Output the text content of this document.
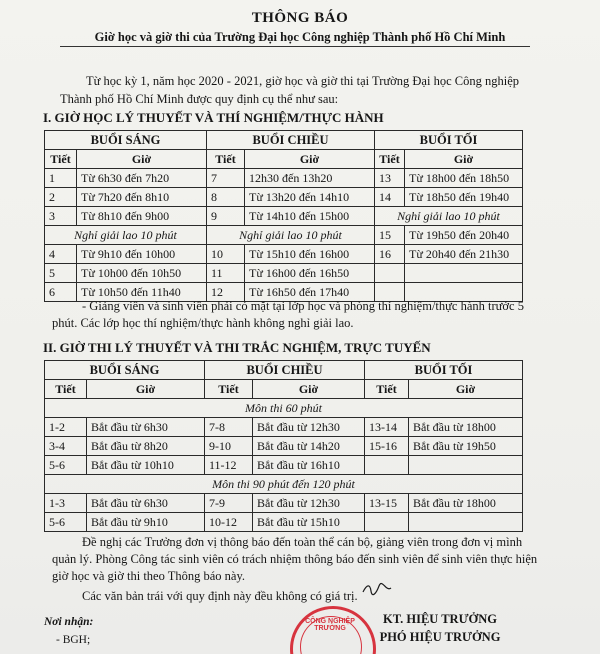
THÔNG BÁO
Giờ học và giờ thi của Trường Đại học Công nghiệp Thành phố Hồ Chí Minh
Từ học kỳ 1, năm học 2020 - 2021, giờ học và giờ thi tại Trường Đại học Công nghiệp Thành phố Hồ Chí Minh được quy định cụ thể như sau:
I. GIỜ HỌC LÝ THUYẾT VÀ THÍ NGHIỆM/THỰC HÀNH
BUỔI SÁNG		BUỔI CHIỀU		BUỔI TỐI	
Tiết	Giờ	Tiết	Giờ	Tiết	Giờ
1	Từ 6h30 đến 7h20	7	12h30 đến 13h20	13	Từ 18h00 đến 18h50
2	Từ 7h20 đến 8h10	8	Từ 13h20 đến 14h10	14	Từ 18h50 đến 19h40
3	Từ 8h10 đến 9h00	9	Từ 14h10 đến 15h00	Nghỉ giải lao 10 phút	
Nghỉ giải lao 10 phút		Nghỉ giải lao 10 phút		15	Từ 19h50 đến 20h40
4	Từ 9h10 đến 10h00	10	Từ 15h10 đến 16h00	16	Từ 20h40 đến 21h30
5	Từ 10h00 đến 10h50	11	Từ 16h00 đến 16h50		
6	Từ 10h50 đến 11h40	12	Từ 16h50 đến 17h40		
- Giảng viên và sinh viên phải có mặt tại lớp học và phòng thí nghiệm/thực hành trước 5 phút. Các lớp học thí nghiệm/thực hành không nghỉ giải lao.
II. GIỜ THI LÝ THUYẾT VÀ THI TRẮC NGHIỆM, TRỰC TUYẾN
BUỔI SÁNG		BUỔI CHIỀU		BUỔI TỐI	
Tiết	Giờ	Tiết	Giờ	Tiết	Giờ
Môn thi 60 phút					
1-2	Bắt đầu từ 6h30	7-8	Bắt đầu từ 12h30	13-14	Bắt đầu từ 18h00
3-4	Bắt đầu từ 8h20	9-10	Bắt đầu từ 14h20	15-16	Bắt đầu từ 19h50
5-6	Bắt đầu từ 10h10	11-12	Bắt đầu từ 16h10		
Môn thi 90 phút đến 120 phút					
1-3	Bắt đầu từ 6h30	7-9	Bắt đầu từ 12h30	13-15	Bắt đầu từ 18h00
5-6	Bắt đầu từ 9h10	10-12	Bắt đầu từ 15h10		
Đề nghị các Trưởng đơn vị thông báo đến toàn thể cán bộ, giảng viên trong đơn vị mình quản lý. Phòng Công tác sinh viên có trách nhiệm thông báo đến sinh viên để sinh viên thực hiện giờ học và giờ thi theo Thông báo này.
Các văn bản trái với quy định này đều không có giá trị.
Nơi nhận:
- BGH;
CÔNG NGHIỆP
TRƯỜNG
KT. HIỆU TRƯỞNG
PHÓ HIỆU TRƯỞNG
